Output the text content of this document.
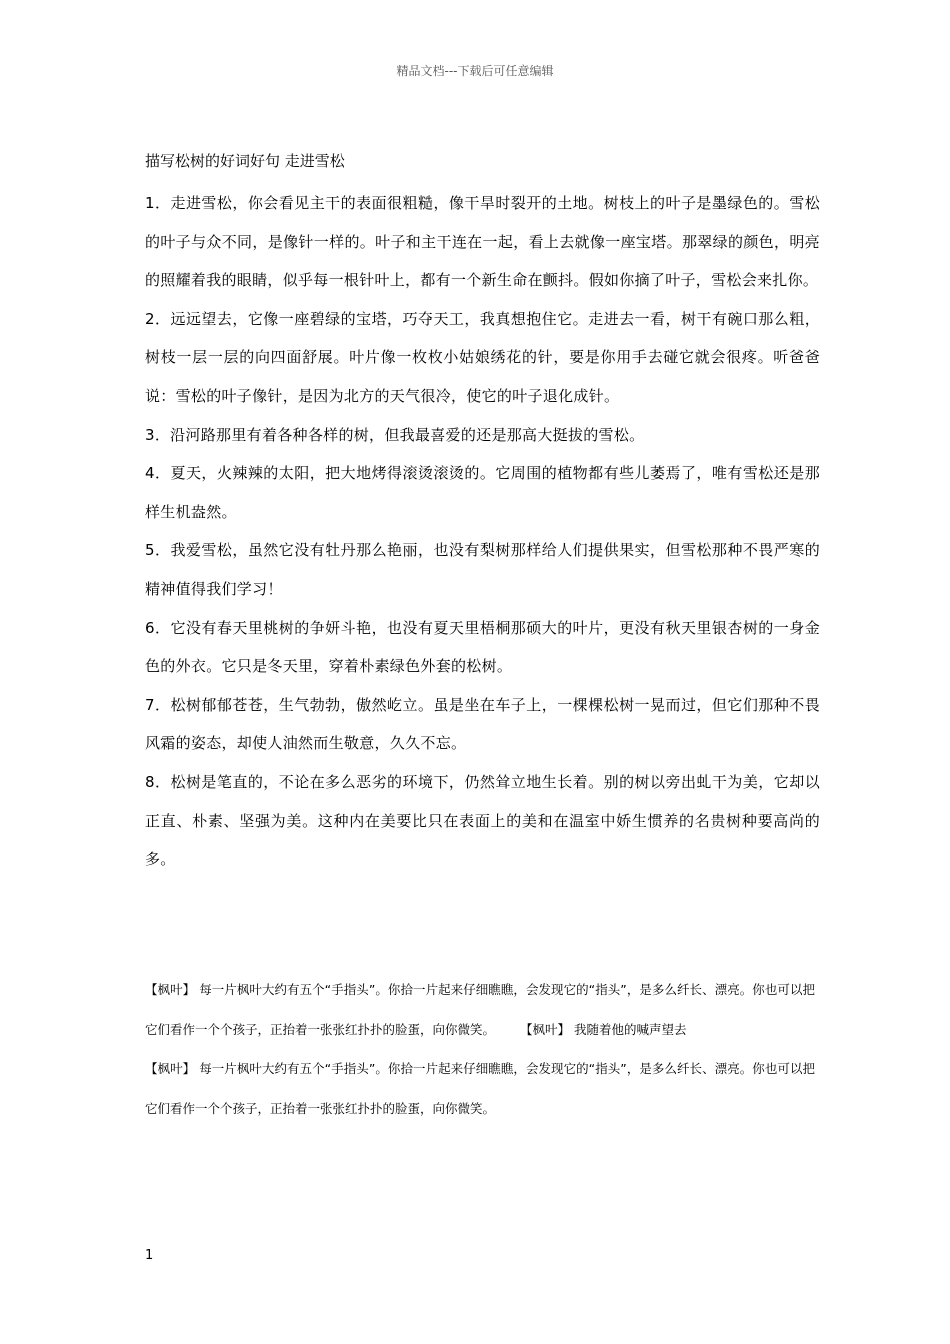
精品文档---下载后可任意编辑
描写松树的好词好句 走进雪松

1．走进雪松，你会看见主干的表面很粗糙，像干旱时裂开的土地。树枝上的叶子是墨绿色的。雪松的叶子与众不同，是像针一样的。叶子和主干连在一起，看上去就像一座宝塔。那翠绿的颜色，明亮的照耀着我的眼睛，似乎每一根针叶上，都有一个新生命在颤抖。假如你摘了叶子，雪松会来扎你。

2．远远望去，它像一座碧绿的宝塔，巧夺天工，我真想抱住它。走进去一看，树干有碗口那么粗，树枝一层一层的向四面舒展。叶片像一枚枚小姑娘绣花的针，要是你用手去碰它就会很疼。听爸爸说：雪松的叶子像针，是因为北方的天气很冷，使它的叶子退化成针。

3．沿河路那里有着各种各样的树，但我最喜爱的还是那高大挺拔的雪松。

4．夏天，火辣辣的太阳，把大地烤得滚烫滚烫的。它周围的植物都有些儿萎焉了，唯有雪松还是那样生机盎然。

5．我爱雪松，虽然它没有牡丹那么艳丽，也没有梨树那样给人们提供果实，但雪松那种不畏严寒的精神值得我们学习！

6．它没有春天里桃树的争妍斗艳，也没有夏天里梧桐那硕大的叶片，更没有秋天里银杏树的一身金色的外衣。它只是冬天里，穿着朴素绿色外套的松树。

7．松树郁郁苍苍，生气勃勃，傲然屹立。虽是坐在车子上，一棵棵松树一晃而过，但它们那种不畏风霜的姿态，却使人油然而生敬意，久久不忘。

8．松树是笔直的，不论在多么恶劣的环境下，仍然耸立地生长着。别的树以旁出虬干为美，它却以正直、朴素、坚强为美。这种内在美要比只在表面上的美和在温室中娇生惯养的名贵树种要高尚的多。

【枫叶】 每一片枫叶大约有五个“手指头”。你拾一片起来仔细瞧瞧，会发现它的“指头”，是多么纤长、漂亮。你也可以把它们看作一个个孩子，正抬着一张张红扑扑的脸蛋，向你微笑。　　　【枫叶】 我随着他的喊声望去

【枫叶】 每一片枫叶大约有五个“手指头”。你拾一片起来仔细瞧瞧，会发现它的“指头”，是多么纤长、漂亮。你也可以把它们看作一个个孩子，正抬着一张张红扑扑的脸蛋，向你微笑。

1
